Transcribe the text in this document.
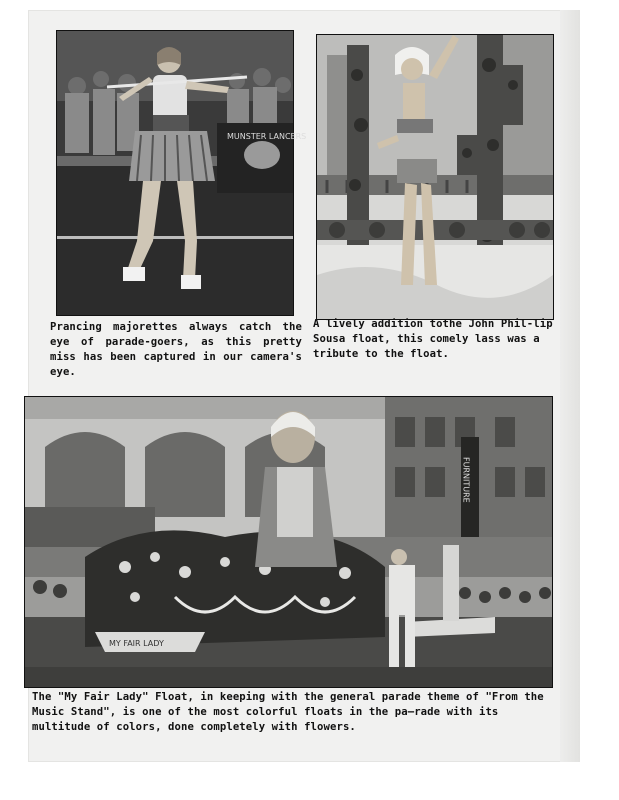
MUNSTER LANCERS
Prancing majorettes always catch the eye of parade-goers, as this pretty miss has been captured in our camera's eye.
A lively addition tothe John Phil-lip Sousa float, this comely lass was a tribute to the float.
FURNITURE
MY FAIR LADY
The "My Fair Lady" Float, in keeping with the general parade theme of "From the Music Stand", is one of the most colorful floats in the pa—rade with its multitude of colors, done completely with flowers.
